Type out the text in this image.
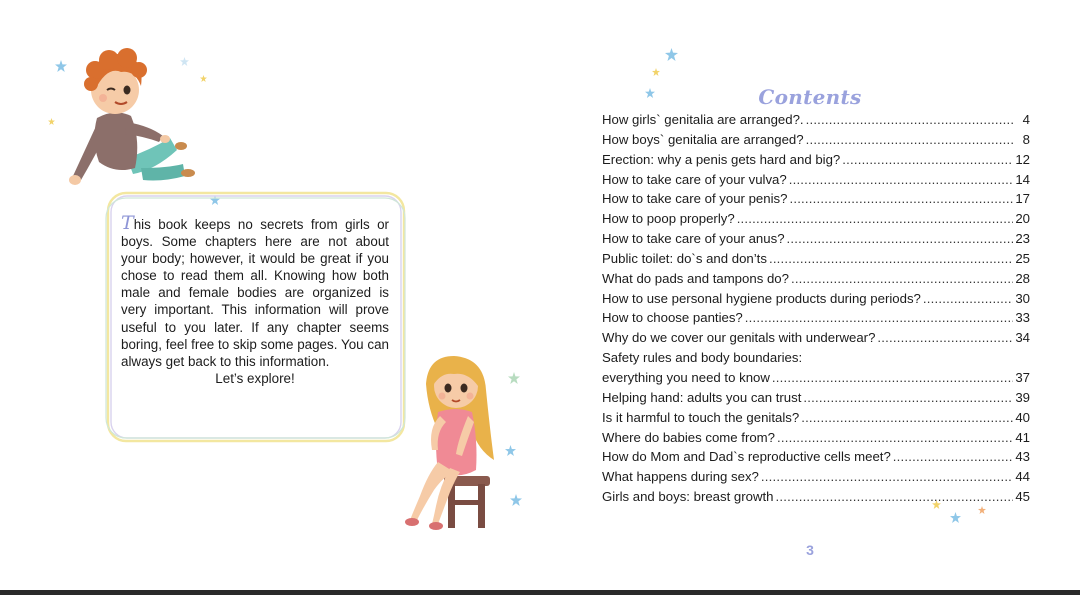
This book keeps no secrets from girls or boys. Some chapters here are not about your body; however, it would be great if you chose to read them all. Knowing how both male and female bodies are organized is very important. This information will prove useful to you later. If any chapter seems boring, feel free to skip some pages. You can always get back to this information.
Let’s explore!
Contents
How girls` genitalia are arranged?. .....	4
How boys` genitalia are arranged? .....	8
Erection: why a penis gets hard and big? .....	12
How to take care of your vulva? .....	14
How to take care of your penis? .....	17
How to poop properly? .....	20
How to take care of your anus? .....	23
Public toilet: do`s and don’ts .....	25
What do pads and tampons do? .....	28
How to use personal hygiene products during periods? .....	30
How to choose panties? .....	33
Why do we cover our genitals with underwear? .....	34
Safety rules and body boundaries:
everything you need to know .....	37
Helping hand: adults you can trust .....	39
Is it harmful to touch the genitals? .....	40
Where do babies come from? .....	41
How do Mom and Dad`s reproductive cells meet? .....	43
What happens during sex? .....	44
Girls and boys: breast growth .....	45
3
